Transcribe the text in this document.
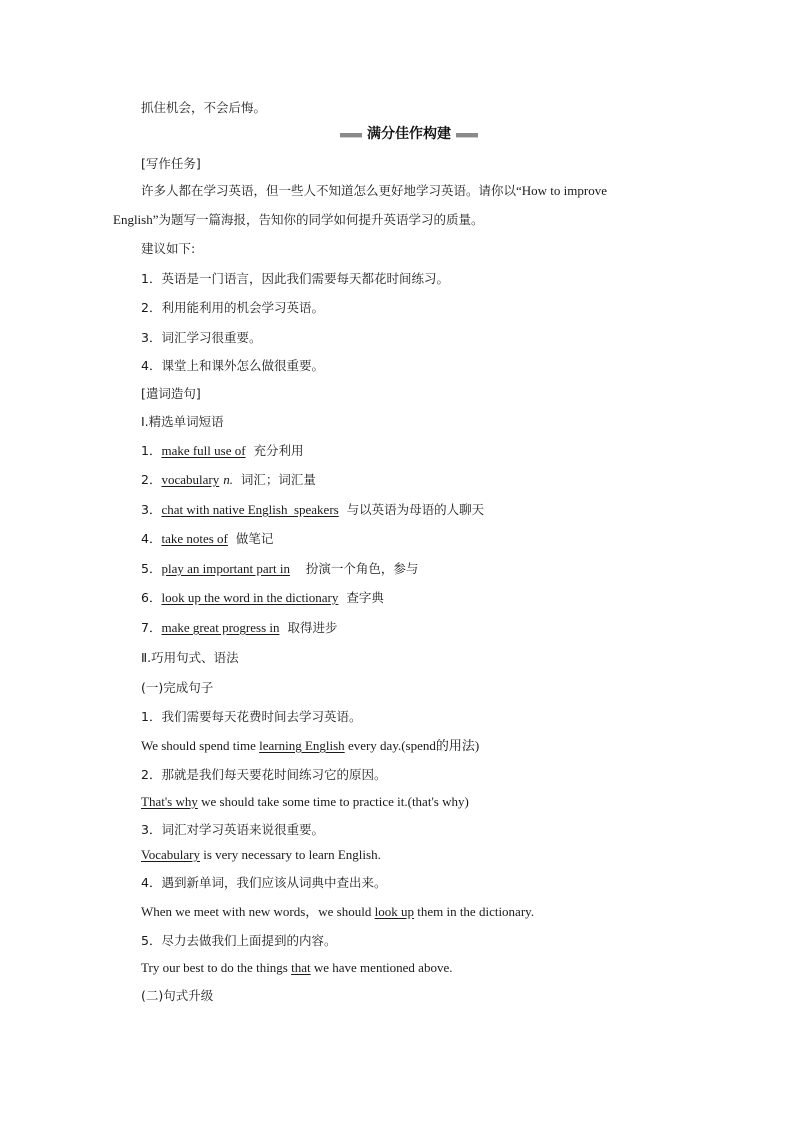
抓住机会，不会后悔。
满分佳作构建
[写作任务]
许多人都在学习英语，但一些人不知道怎么更好地学习英语。请你以“How to improve
English”为题写一篇海报，告知你的同学如何提升英语学习的质量。
建议如下:
1．英语是一门语言，因此我们需要每天都花时间练习。
2．利用能利用的机会学习英语。
3．词汇学习很重要。
4．课堂上和课外怎么做很重要。
[遣词造句]
Ⅰ.精选单词短语
1．make full use of 充分利用
2．vocabulary n. 词汇；词汇量
3．chat with native English  speakers 与以英语为母语的人聊天
4．take notes of 做笔记
5．play an important part in 扮演一个角色，参与
6．look up the word in the dictionary 查字典
7．make great progress in 取得进步
Ⅱ.巧用句式、语法
(一)完成句子
1．我们需要每天花费时间去学习英语。
We should spend time learning English every day.(spend的用法)
2．那就是我们每天要花时间练习它的原因。
That's why we should take some time to practice it.(that's why)
3．词汇对学习英语来说很重要。
Vocabulary is very necessary to learn English.
4．遇到新单词，我们应该从词典中查出来。
When we meet with new words，we should look up them in the dictionary.
5．尽力去做我们上面提到的内容。
Try our best to do the things that we have mentioned above.
(二)句式升级
